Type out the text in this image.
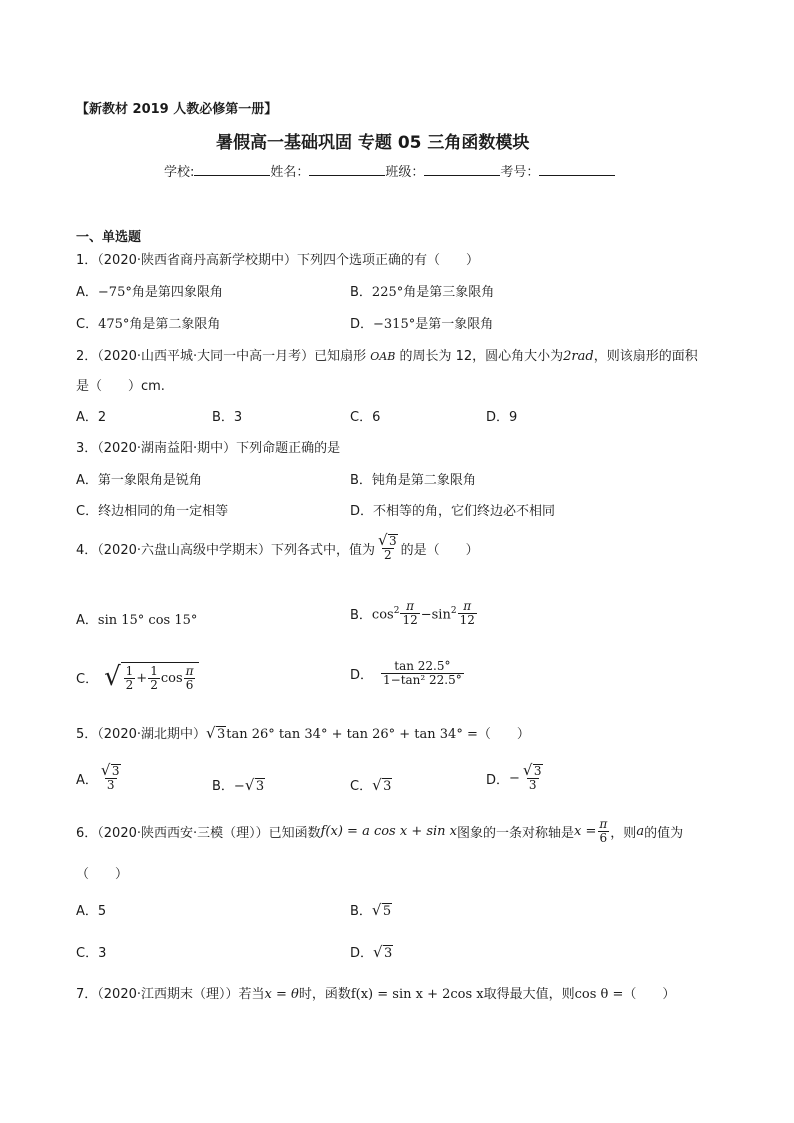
【新教材 2019 人教必修第一册】
暑假高一基础巩固 专题 05 三角函数模块
学校:	姓名：	班级：	考号：
一、单选题
1．（2020·陕西省商丹高新学校期中）下列四个选项正确的有（　　）
A．−75°角是第四象限角	B．225°角是第三象限角
C．475°角是第二象限角	D．−315°是第一象限角
2．（2020·山西平城·大同一中高一月考）已知扇形 OAB 的周长为 12，圆心角大小为2rad，则该扇形的面积
是（　　）cm.
A．2	B．3	C．6	D．9
3．（2020·湖南益阳·期中）下列命题正确的是
A．第一象限角是锐角	B．钝角是第二象限角
C．终边相同的角一定相等	D．不相等的角，它们终边必不相同
4．（2020·六盘山高级中学期末）下列各式中，值为 √ $\frac{3}{2}$ 的是（　　）
A．sin 15° cos 15°	B． $\cos^2 \frac{\pi}{12} -\sin^2 \frac{\pi}{12}$
C． √ $\frac{1}{2} + \frac{1}{2}$ $\cos \frac{\pi}{6}$	D． $\frac{\tan 22.5^\circ}{\text{1−tan² 22.5°}}$
5．（2020·湖北期中） √ 3tan 26° tan 34° + tan 26° + tan 34° =（　　）
A． √ $\frac{3}{3}$	B．− √ 3	C． √ 3	D． − √ $\frac{3}{3}$
6．（2020·陕西西安·三模（理））已知函数 f(x) = a cos x + sin x 图象的一条对称轴是 $x = \frac{\pi}{6}$ ，则 a 的值为
（　　）
A．5	B． √ 5
C．3	D． √ 3
7．（2020·江西期末（理））若当x = θ时，函数f(x) = sin x + 2cos x取得最大值，则cos θ =（　　）
